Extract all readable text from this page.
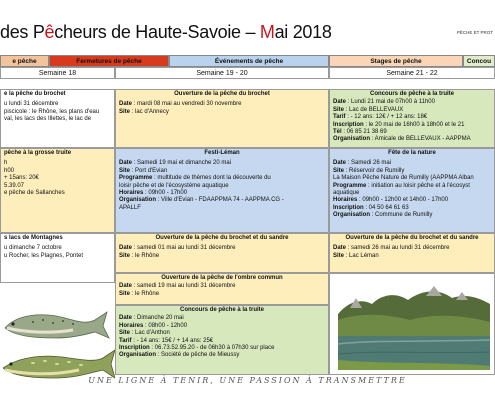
des Pêcheurs de Haute-Savoie – Mai 2018	PÊCHE ET PROT
e pêche	Fermetures de pêche	Événements de pêche	Stages de pêche	Concou
Semaine 18	Semaine 19 - 20	Semaine 21 - 22
e la pêche du brochet
u lundi 31 décembre
piscicole : le Rhône, les plans d'eau
val, les lacs des Illettes, le lac de
pêche à la grosse truite
h
h00
+ 15ans: 20€
5.39.07
e pêche de Sallanches
s lacs de Montagnes
u dimanche 7 octobre
u Rocher, les Plagnes, Pontet
Ouverture de la pêche du brochet
Date : mardi 08 mai au vendredi 30 novembre
Site : lac d'Annecy
Festi-Léman
Date : Samedi 19 mai et dimanche 20 mai
Site : Port d'Evian
Programme : multitude de thèmes dont la découverte du
loisir pêche et de l'écosystème aquatique
Horaires : 09h00 - 17h00
Organisation : Ville d'Evian - FDAAPPMA 74 - AAPPMA CG -
APALLF
Ouverture de la pêche du brochet et du sandre
Date : samedi 01 mai au lundi 31 décembre
Site : le Rhône
Ouverture de la pêche de l'ombre commun
Date : samedi 19 mai au lundi 31 décembre
Site : le Rhône
Concours de pêche à la truite
Date : Dimanche 20 mai
Horaires : 08h00 - 12h00
Site : Lac d'Anthon
Tarif : - 14 ans: 15€ / + 14 ans: 25€
Inscription : 06.73.52.95.20 - de 06h30 à 07h30 sur place
Organisation : Société de pêche de Mieussy
Concours de pêche à la truite
Date : Lundi 21 mai de 07h00 à 11h00
Site : Lac de BELLEVAUX
Tarif : - 12 ans: 12€ / + 12 ans: 18€
Inscription : le 20 mai de 16h00 à 18h00 et le 21
Tél : 06 85 21 38 69
Organisation : Amicale de BELLEVAUX - AAPPMA
Fête de la nature
Date : Samedi 26 mai
Site : Réservoir de Rumilly
La Maison Pêche Nature de Rumilly (AAPPMA Alban
Programme : initiation au loisir pêche et à l'écosyst
aquatique
Horaires : 09h00 - 12h00 et 14h00 - 17h00
Inscription : 04 50 64 61 63
Organisation : Commune de Rumilly
Ouverture de la pêche du brochet et du sandre
Date : samedi 26 mai au lundi 31 décembre
Site : Lac Léman
UNE LIGNE À TENIR, UNE PASSION À TRANSMETTRE
